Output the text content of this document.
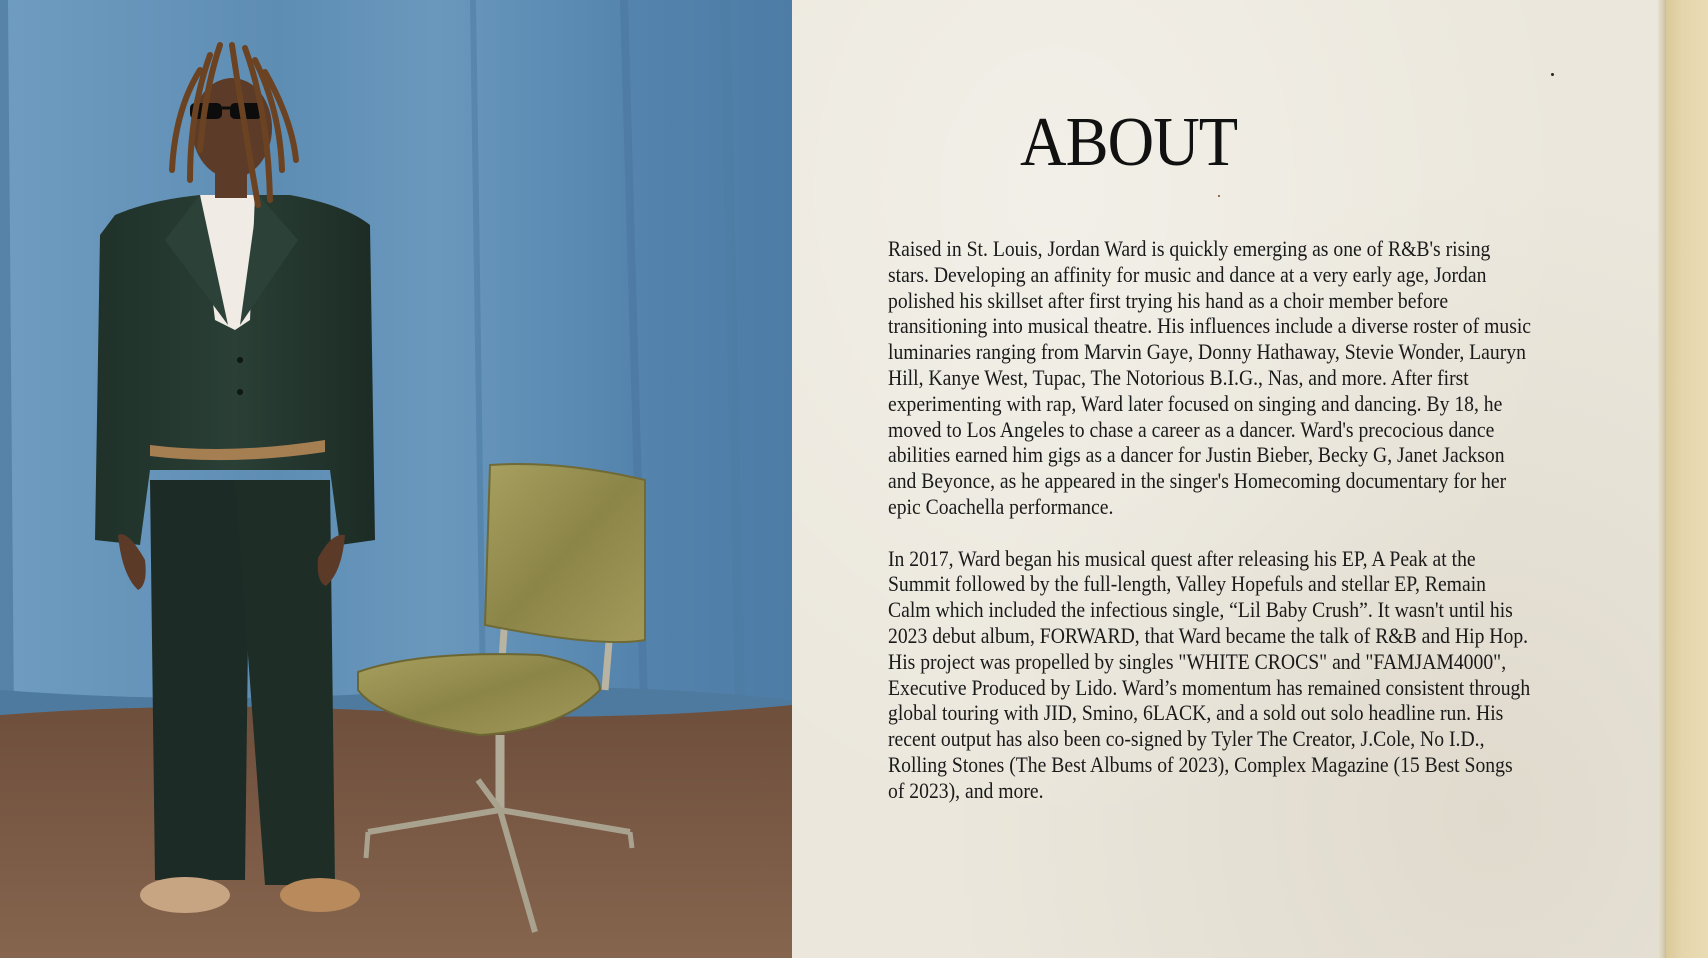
ABOUT

Raised in St. Louis, Jordan Ward is quickly emerging as one of R&B's rising stars. Developing an affinity for music and dance at a very early age, Jordan polished his skillset after first trying his hand as a choir member before transitioning into musical theatre. His influences include a diverse roster of music luminaries ranging from Marvin Gaye, Donny Hathaway, Stevie Wonder, Lauryn Hill, Kanye West, Tupac, The Notorious B.I.G., Nas, and more. After first experimenting with rap, Ward later focused on singing and dancing. By 18, he moved to Los Angeles to chase a career as a dancer. Ward's precocious dance abilities earned him gigs as a dancer for Justin Bieber, Becky G, Janet Jackson and Beyonce, as he appeared in the singer's Homecoming documentary for her epic Coachella performance.

In 2017, Ward began his musical quest after releasing his EP, A Peak at the Summit followed by the full-length, Valley Hopefuls and stellar EP, Remain Calm which included the infectious single, “Lil Baby Crush”. It wasn't until his 2023 debut album, FORWARD, that Ward became the talk of R&B and Hip Hop. His project was propelled by singles "WHITE CROCS" and "FAMJAM4000", Executive Produced by Lido. Ward’s momentum has remained consistent through global touring with JID, Smino, 6LACK, and a sold out solo headline run. His recent output has also been co-signed by Tyler The Creator, J.Cole, No I.D., Rolling Stones (The Best Albums of 2023), Complex Magazine (15 Best Songs of 2023), and more.
